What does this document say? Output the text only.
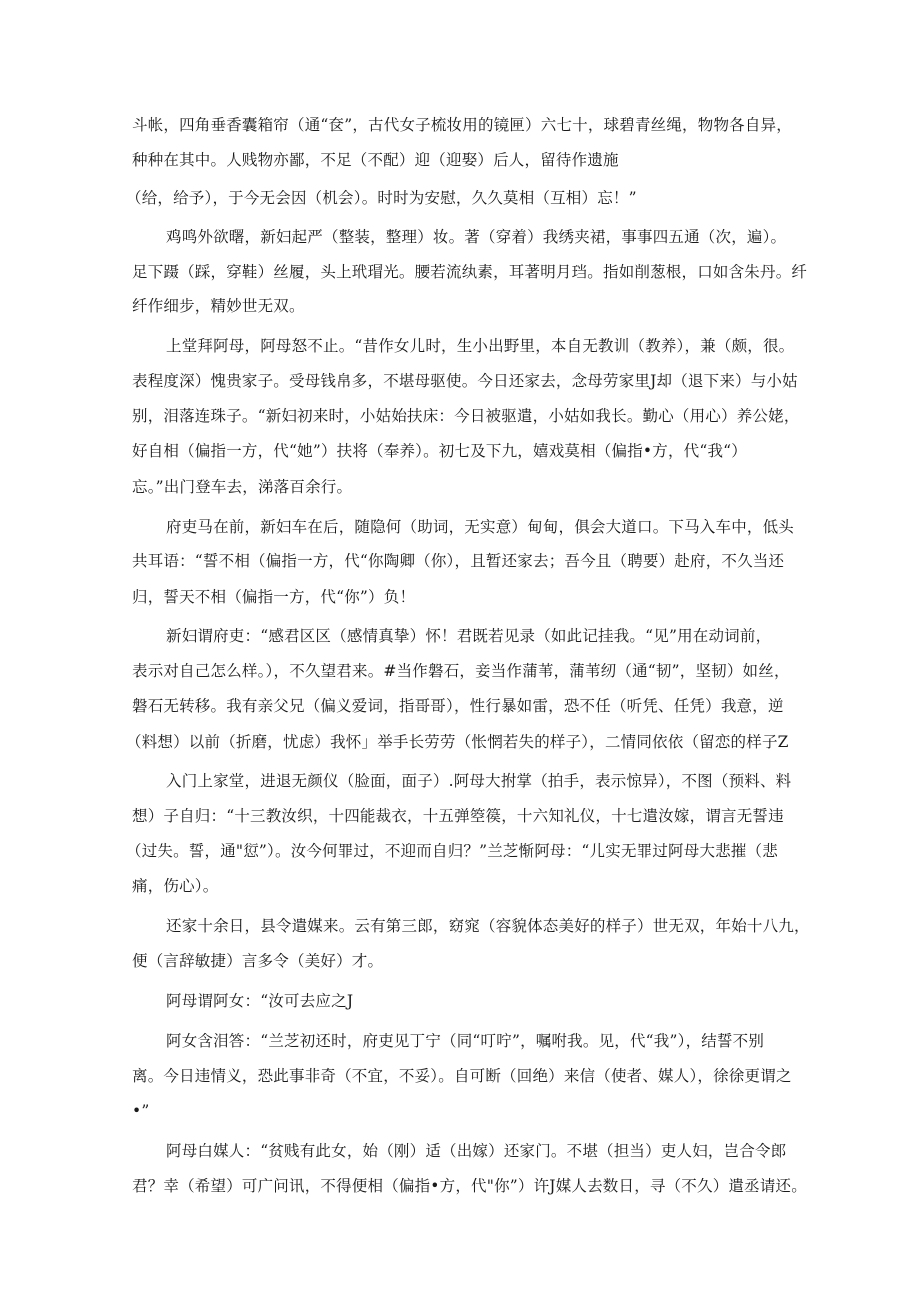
斗帐，四角垂香囊箱帘（通“奁”，古代女子梳妆用的镜匣）六七十，球碧青丝绳，物物各自异，
种种在其中。人贱物亦鄙，不足（不配）迎（迎娶）后人，留待作遗施
（给，给予），于今无会因（机会）。时时为安慰，久久莫相（互相）忘！”
鸡鸣外欲曙，新妇起严（整装，整理）妆。著（穿着）我绣夹裙，事事四五通（次，遍）。
足下蹑（踩，穿鞋）丝履，头上玳瑁光。腰若流纨素，耳著明月珰。指如削葱根，口如含朱丹。纤
纤作细步，精妙世无双。
上堂拜阿母，阿母怒不止。“昔作女儿时，生小出野里，本自无教训（教养），兼（颇，很。
表程度深）愧贵家子。受母钱帛多，不堪母驱使。今日还家去，念母劳家里J却（退下来）与小姑
别，泪落连珠子。“新妇初来时，小姑始扶床：今日被驱遣，小姑如我长。勤心（用心）养公姥，
好自相（偏指一方，代“她”）扶将（奉养）。初七及下九，嬉戏莫相（偏指•方，代“我“）
忘。”出门登车去，涕落百余行。
府吏马在前，新妇车在后，随隐何（助词，无实意）甸甸，俱会大道口。下马入车中，低头
共耳语：“誓不相（偏指一方，代“你陶卿（你），且暂还家去；吾今且（聘要）赴府，不久当还
归，誓天不相（偏指一方，代“你”）负！
新妇谓府吏：“感君区区（感情真挚）怀！君既若见录（如此记挂我。“见”用在动词前，
表示对自己怎么样。），不久望君来。#当作磐石，妾当作蒲苇，蒲苇纫（通“韧”，坚韧）如丝，
磐石无转移。我有亲父兄（偏义爱词，指哥哥），性行暴如雷，恐不任（听凭、任凭）我意，逆
（料想）以前（折磨，忧虑）我怀」举手长劳劳（怅惘若失的样子），二情同依依（留恋的样子Z
入门上家堂，进退无颜仪（脸面，面子）.阿母大拊掌（拍手，表示惊异），不图（预料、料
想）子自归：“十三教汝织，十四能裁衣，十五弹箜篌，十六知礼仪，十七遣汝嫁，谓言无誓违
（过失。誓，通"愆”）。汝今何罪过，不迎而自归？”兰芝惭阿母：“儿实无罪过阿母大悲摧（悲
痛，伤心）。
还家十余日，县令遣媒来。云有第三郎，窈窕（容貌体态美好的样子）世无双，年始十八九，
便（言辞敏捷）言多令（美好）才。
阿母谓阿女：“汝可去应之J
阿女含泪答：“兰芝初还时，府吏见丁宁（同“叮咛”，嘱咐我。见，代“我”），结誓不别
离。今日违情义，恐此事非奇（不宜，不妥）。自可断（回绝）来信（使者、媒人），徐徐更谓之
•”
阿母白媒人：“贫贱有此女，始（刚）适（出嫁）还家门。不堪（担当）吏人妇，岂合令郎
君？幸（希望）可广问讯，不得便相（偏指•方，代"你”）许J媒人去数日，寻（不久）遣丞请还。
